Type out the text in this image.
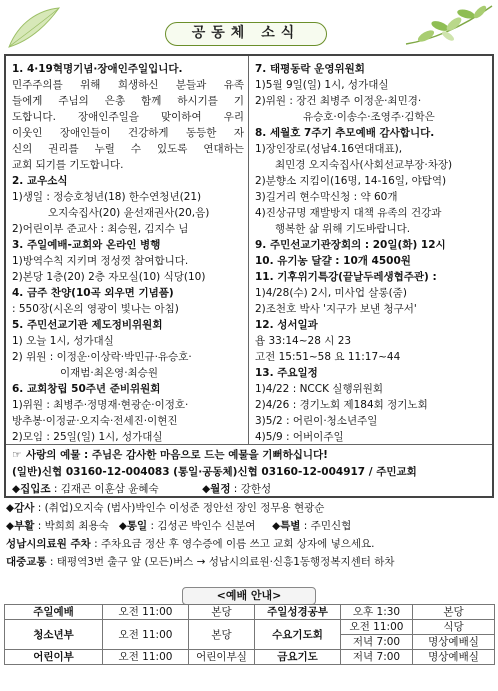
공동체 소식
1. 4·19혁명기념·장애인주일입니다.
민주주의를 위해 희생하신 분들과 유족
들에게 주님의 은총 함께 하시기를 기
도합니다. 장애인주일을 맞이하여 우리
이웃인 장애인들이 건강하게 동등한 자
신의 권리를 누릴 수 있도록 연대하는
교회 되기를 기도합니다.
2. 교우소식
1)생일 : 정승호청년(18) 한수연청년(21)
오지숙집사(20) 윤선재권사(20,음)
2)어린이부 준교사 : 최승원, 김지수 님
3. 주일예배-교회와 온라인 병행
1)방역수칙 지키며 정성껏 참여합니다.
2)본당 1층(20) 2층 자모실(10) 식당(10)
4. 금주 찬양(10곡 외우면 기념품)
: 550장(시온의 영광이 빛나는 아침)
5. 주민선교기관 제도정비위원회
1) 오늘 1시, 성가대실
2) 위원 : 이정운·이상락·박민규·유승호·
이재범·최온영·최승원
6. 교회창립 50주년 준비위원회
1)위원 : 최병주·정명재·현광순·이정호·
방추봉·이정균·오지숙·전세진·이현진
2)모임 : 25일(일) 1시, 성가대실
7. 태평동락 운영위원회
1)5월 9일(일) 1시, 성가대실
2)위원 : 장건 최병주 이정운·최민경·
유승호·이송수·조영주·김학은
8. 세월호 7주기 추모예배 감사합니다.
1)장인장로(성남4.16연대대표),
최민경 오지숙집사(사회선교부장·차장)
2)분향소 지킴이(16명, 14-16일, 야탑역)
3)길거리 현수막신청 : 약 60개
4)진상규명 재발방지 대책 유족의 건강과
행복한 삶 위해 기도바랍니다.
9. 주민선교기관장회의 : 20일(화) 12시
10. 유기농 달걀 : 10개 4500원
11. 기후위기특강(끝날두레생협주관) :
1)4/28(수) 2시, 미사업 살롱(줌)
2)조천호 박사 '지구가 보낸 청구서'
12. 성서일과
욥 33:14~28 시 23
고전 15:51~58 요 11:17~44
13. 주요일정
1)4/22 : NCCK 실행위원회
2)4/26 : 경기노회 제184회 정기노회
3)5/2 : 어린이·청소년주일
4)5/9 : 어버이주일
☞ 사랑의 예물 : 주님은 감사한 마음으로 드는 예물을 기뻐하십니다!
(일반)신협 03160-12-004083 (통일·공동체)신협 03160-12-004917 / 주민교회
◆집입조 : 김재곤 이훈삼 윤혜숙	◆월정 : 강한성
◆감사 : (취업)오지숙 (범사)박인수 이성준 정안선 장인 정무용 현광순
◆부활 : 박희희 최용숙 ◆통일 : 김성곤 박인수 신분여 ◆특별 : 주민신협
성남시의료원 주차 : 주차요금 정산 후 영수증에 이름 쓰고 교회 상자에 넣으세요.
대중교통 : 태평역3번 출구 앞 (모든)버스 → 성남시의료원·신흥1동행정복지센터 하차
<예배 안내>
주일예배	오전 11:00	본당	주일성경공부	오후 1:30	본당
청소년부	오전 11:00	본당	수요기도회	오전 11:00	식당
				저녁 7:00	명상예배실
어린이부	오전 11:00	어린이부실	금요기도	저녁 7:00	명상예배실
